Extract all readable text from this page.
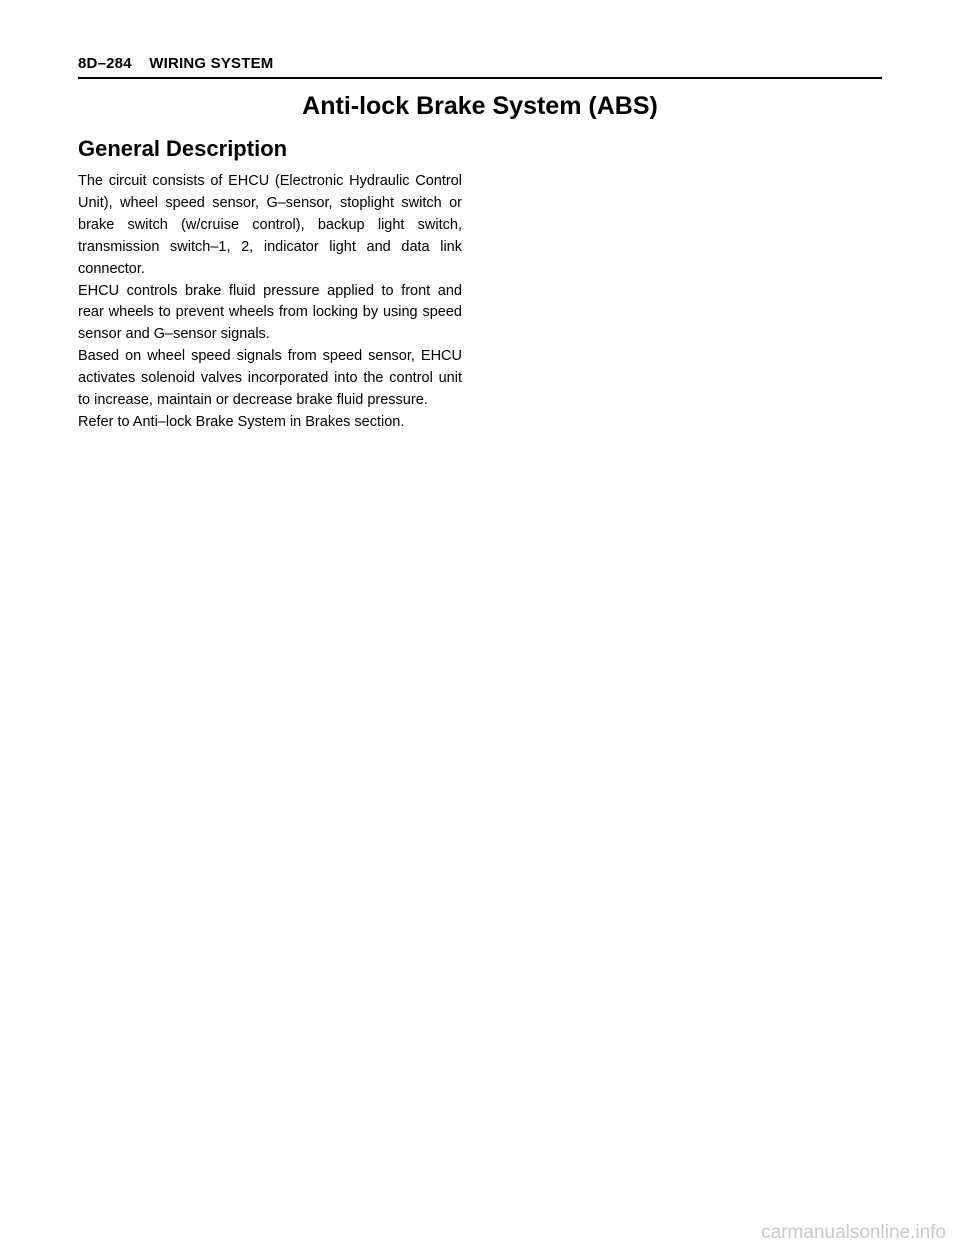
8D–284 WIRING SYSTEM
Anti-lock Brake System (ABS)
General Description

The circuit consists of EHCU (Electronic Hydraulic Control Unit), wheel speed sensor, G–sensor, stoplight switch or brake switch (w/cruise control), backup light switch, transmission switch–1, 2, indicator light and data link connector.

EHCU controls brake fluid pressure applied to front and rear wheels to prevent wheels from locking by using speed sensor and G–sensor signals.

Based on wheel speed signals from speed sensor, EHCU activates solenoid valves incorporated into the control unit to increase, maintain or decrease brake fluid pressure.

Refer to Anti–lock Brake System in Brakes section.

carmanualsonline.info
